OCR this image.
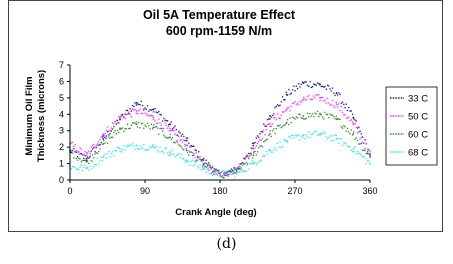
Oil 5A Temperature Effect
600 rpm-1159 N/m
Minimum Oil Film Thickness (microns)
Crank Angle (deg)
0
1
2
3
4
5
6
7
0	90	180	270	360
33 C
50 C
60 C
68 C
(d)
